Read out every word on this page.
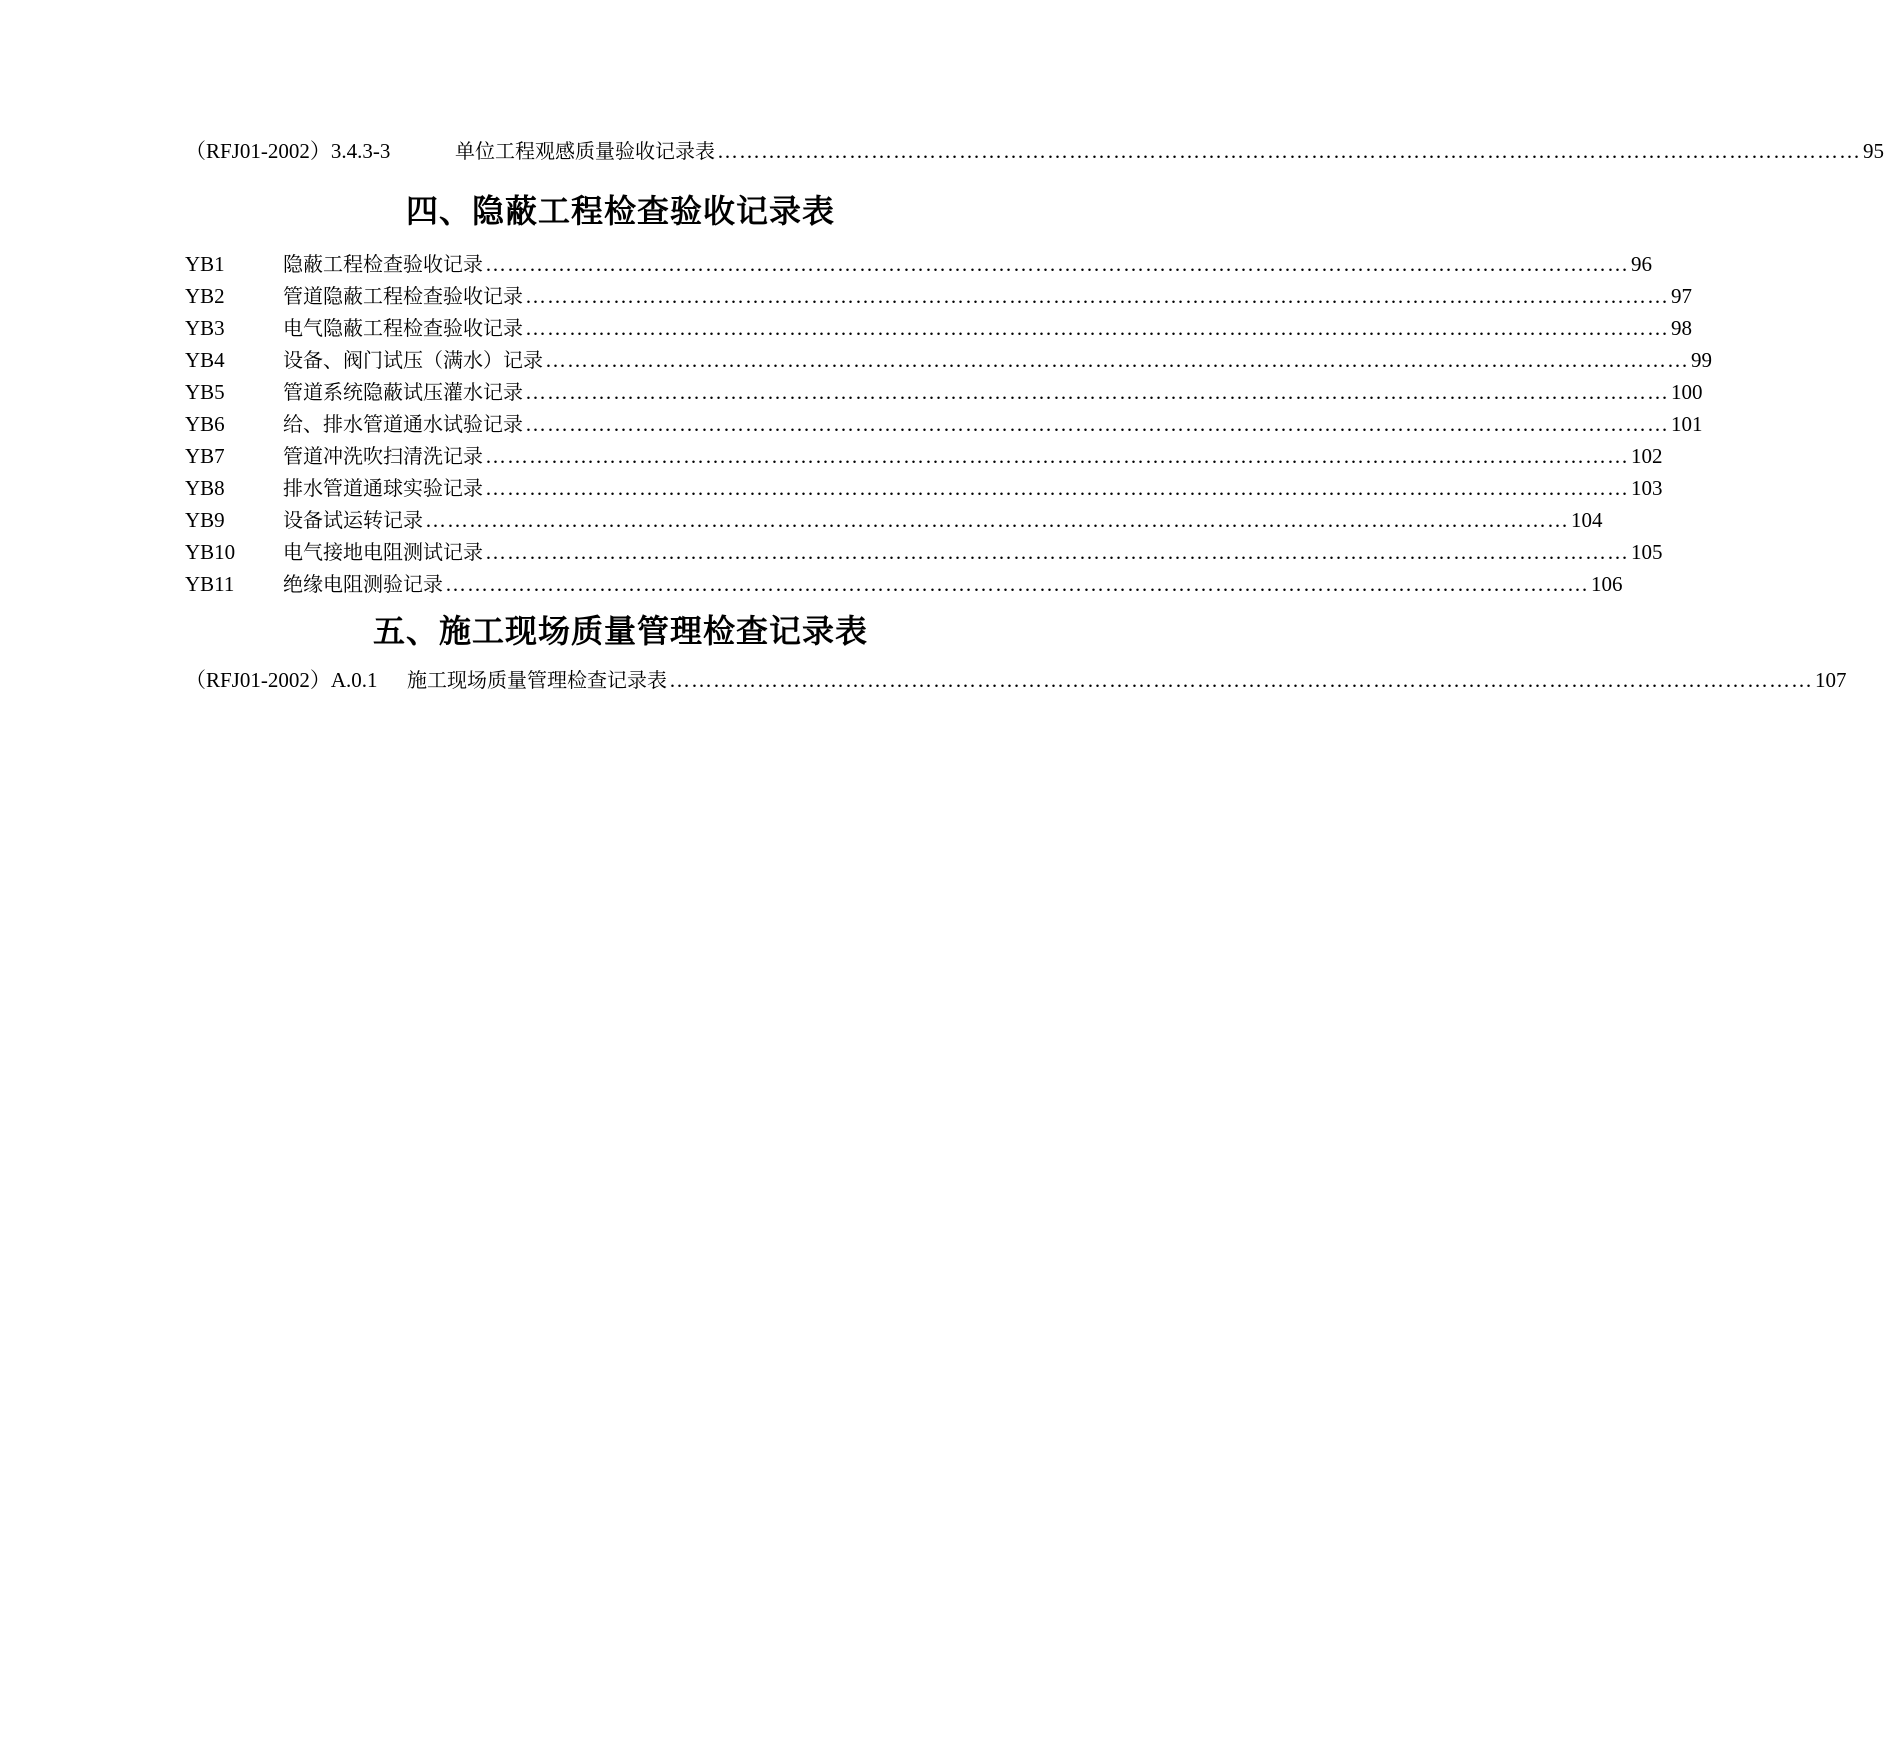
（RFJ01-2002）3.4.3-3	单位工程观感质量验收记录表 ………………………………………………………………………………………………………………………………………… 95
四、隐蔽工程检查验收记录表
YB1	隐蔽工程检查验收记录 ………………………………………………………………………………………………………………………………………… 96
YB2	管道隐蔽工程检查验收记录 ………………………………………………………………………………………………………………………………………… 97
YB3	电气隐蔽工程检查验收记录 ………………………………………………………………………………………………………………………………………… 98
YB4	设备、阀门试压（满水）记录 ………………………………………………………………………………………………………………………………………… 99
YB5	管道系统隐蔽试压灌水记录 ………………………………………………………………………………………………………………………………………… 100
YB6	给、排水管道通水试验记录 ………………………………………………………………………………………………………………………………………… 101
YB7	管道冲洗吹扫清洗记录 ………………………………………………………………………………………………………………………………………… 102
YB8	排水管道通球实验记录 ………………………………………………………………………………………………………………………………………… 103
YB9	设备试运转记录 ………………………………………………………………………………………………………………………………………… 104
YB10	电气接地电阻测试记录 ………………………………………………………………………………………………………………………………………… 105
YB11	绝缘电阻测验记录 ………………………………………………………………………………………………………………………………………… 106
五、施工现场质量管理检查记录表
（RFJ01-2002）A.0.1	施工现场质量管理检查记录表 ………………………………………………………………………………………………………………………………………… 107
